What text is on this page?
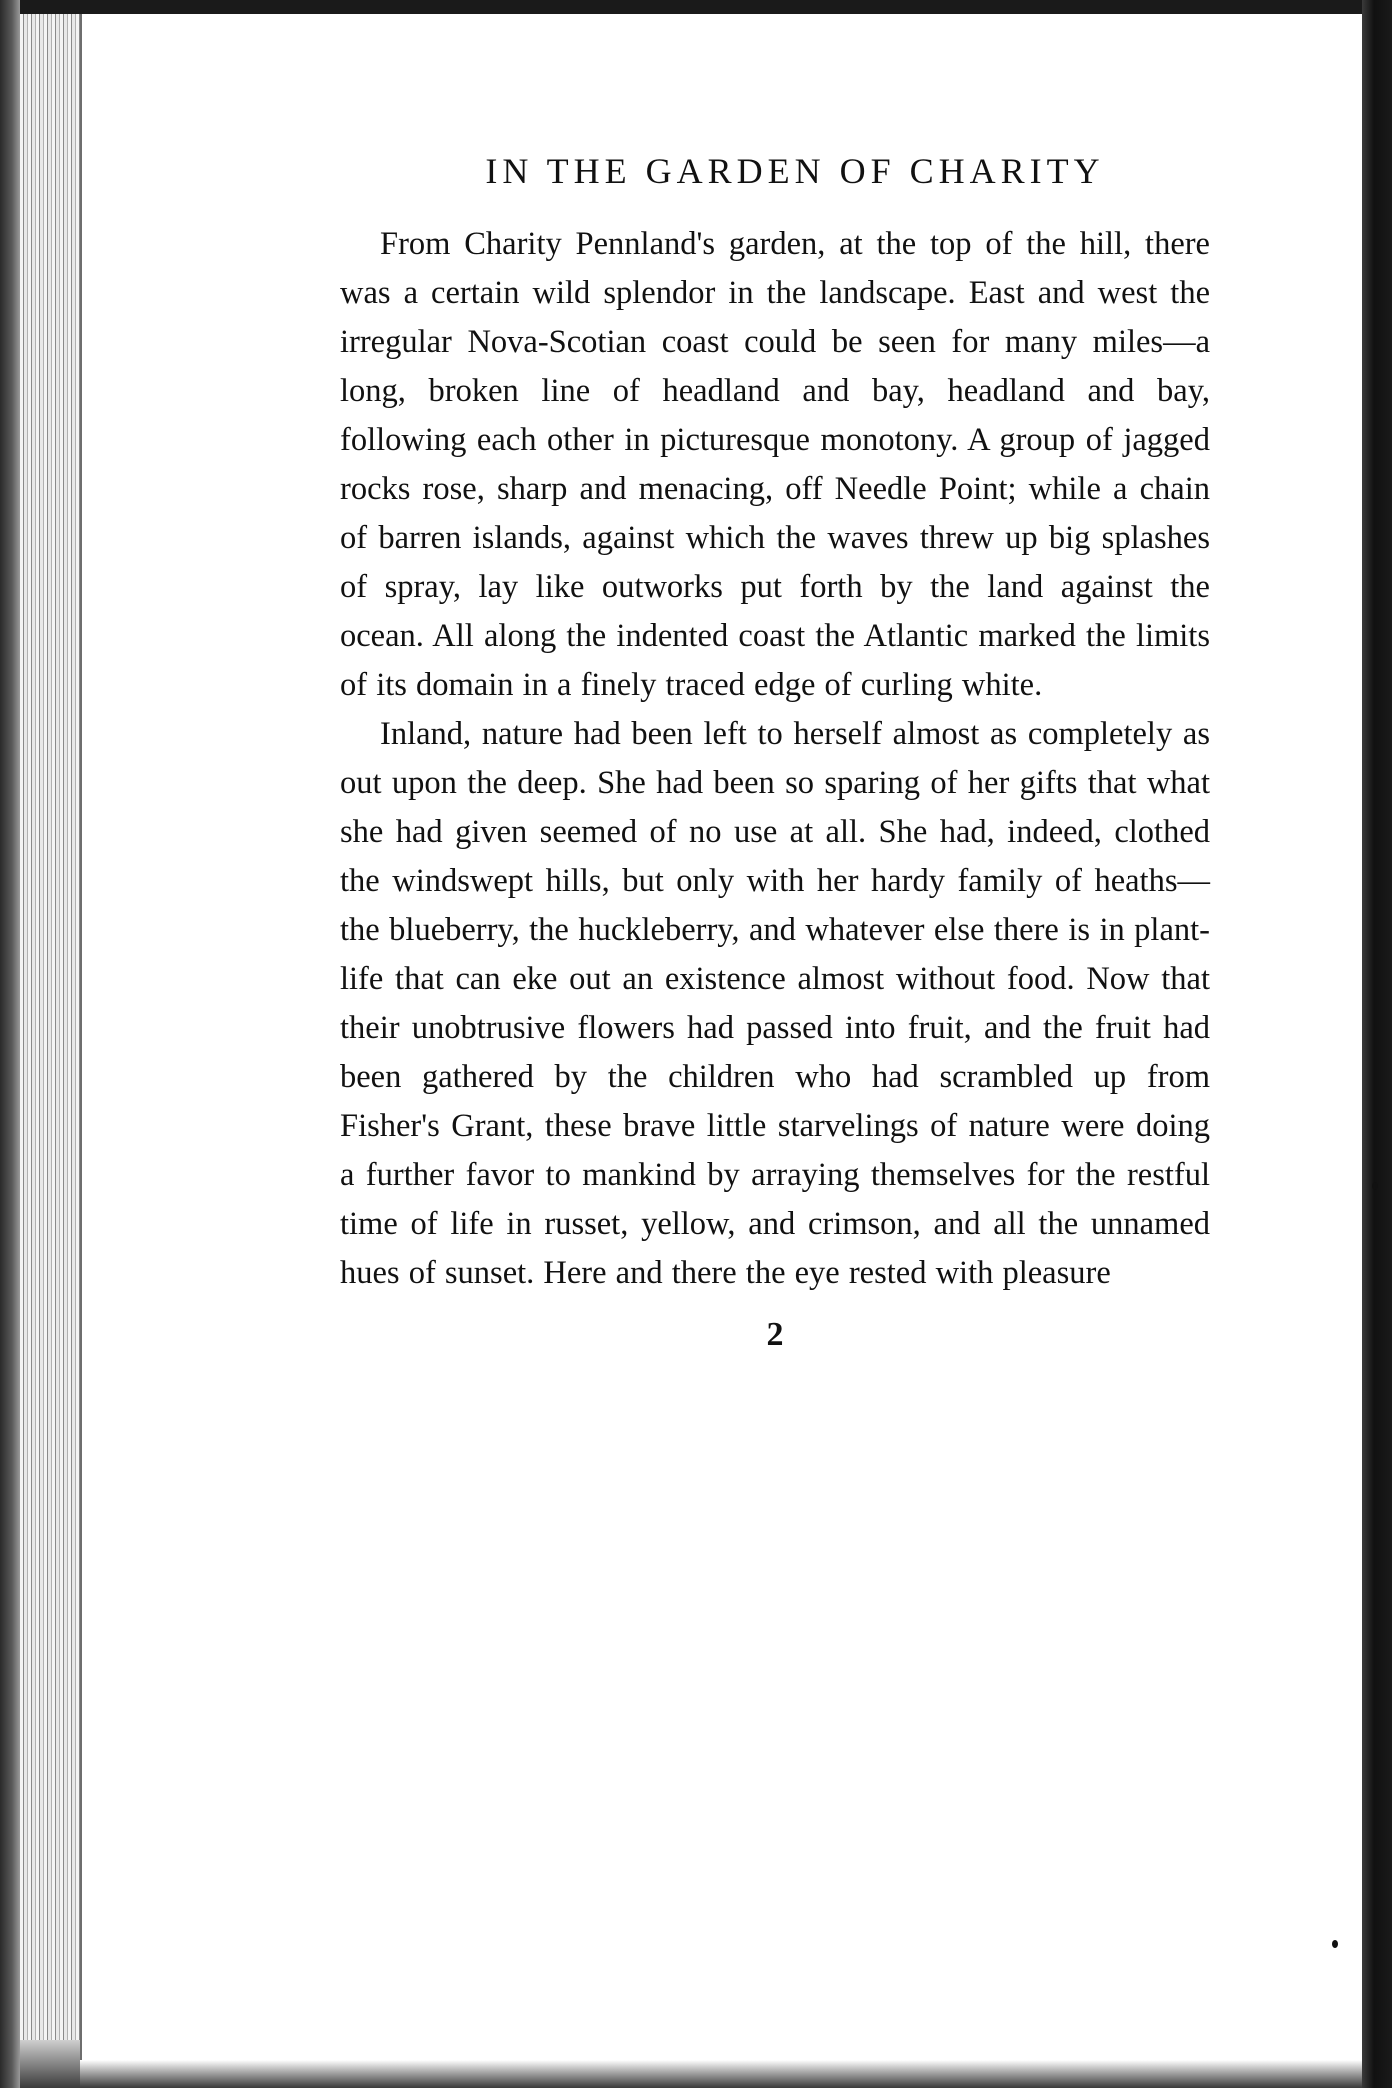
IN THE GARDEN OF CHARITY

From Charity Pennland's garden, at the top of the hill, there was a certain wild splendor in the landscape. East and west the irregular Nova-Scotian coast could be seen for many miles—a long, broken line of headland and bay, headland and bay, following each other in picturesque monotony. A group of jagged rocks rose, sharp and menacing, off Needle Point; while a chain of barren islands, against which the waves threw up big splashes of spray, lay like outworks put forth by the land against the ocean. All along the indented coast the Atlantic marked the limits of its domain in a finely traced edge of curling white.

Inland, nature had been left to herself almost as completely as out upon the deep. She had been so sparing of her gifts that what she had given seemed of no use at all. She had, indeed, clothed the windswept hills, but only with her hardy family of heaths—the blueberry, the huckleberry, and whatever else there is in plant-life that can eke out an existence almost without food. Now that their unobtrusive flowers had passed into fruit, and the fruit had been gathered by the children who had scrambled up from Fisher's Grant, these brave little starvelings of nature were doing a further favor to mankind by arraying themselves for the restful time of life in russet, yellow, and crimson, and all the unnamed hues of sunset. Here and there the eye rested with pleasure

2
